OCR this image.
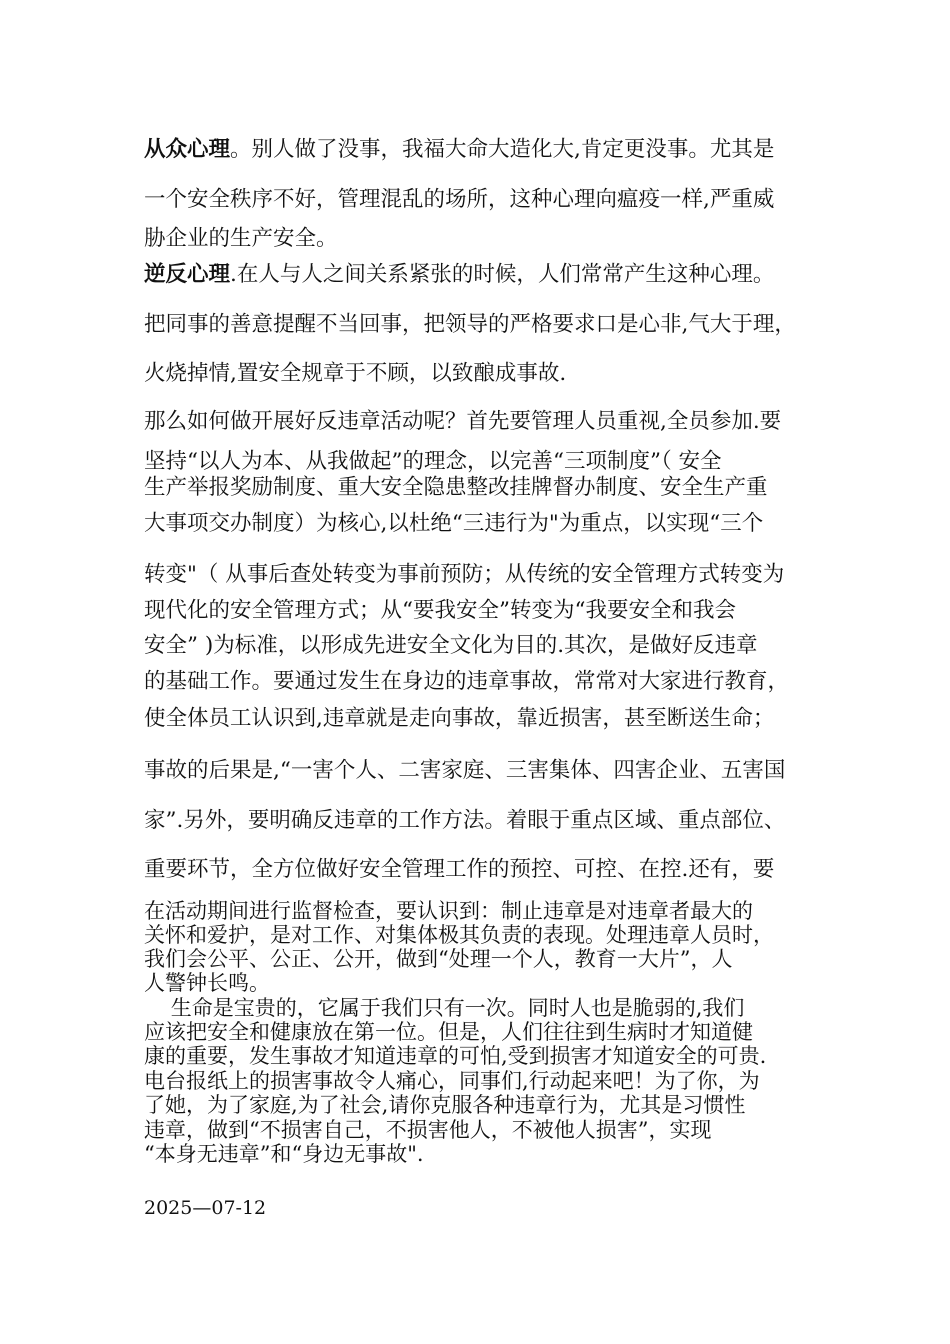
从众心理。别人做了没事，我福大命大造化大,肯定更没事。尤其是
一个安全秩序不好，管理混乱的场所，这种心理向瘟疫一样,严重威
胁企业的生产安全。
逆反心理.在人与人之间关系紧张的时候，人们常常产生这种心理。
把同事的善意提醒不当回事，把领导的严格要求口是心非,气大于理，
火烧掉情,置安全规章于不顾，以致酿成事故.
那么如何做开展好反违章活动呢？首先要管理人员重视,全员参加.要
坚持“以人为本、从我做起”的理念，以完善“三项制度”（ 安全
生产举报奖励制度、重大安全隐患整改挂牌督办制度、安全生产重
大事项交办制度）为核心,以杜绝“三违行为"为重点，以实现“三个
转变"（ 从事后查处转变为事前预防；从传统的安全管理方式转变为
现代化的安全管理方式；从“要我安全”转变为“我要安全和我会
安全” )为标准，以形成先进安全文化为目的.其次，是做好反违章
的基础工作。要通过发生在身边的违章事故，常常对大家进行教育，
使全体员工认识到,违章就是走向事故，靠近损害，甚至断送生命；
事故的后果是,“一害个人、二害家庭、三害集体、四害企业、五害国
家”.另外，要明确反违章的工作方法。着眼于重点区域、重点部位、
重要环节，全方位做好安全管理工作的预控、可控、在控.还有，要
在活动期间进行监督检查，要认识到：制止违章是对违章者最大的
关怀和爱护，是对工作、对集体极其负责的表现。处理违章人员时，
我们会公平、公正、公开，做到“处理一个人，教育一大片”，人
人警钟长鸣。
生命是宝贵的，它属于我们只有一次。同时人也是脆弱的,我们
应该把安全和健康放在第一位。但是，人们往往到生病时才知道健
康的重要，发生事故才知道违章的可怕,受到损害才知道安全的可贵.
电台报纸上的损害事故令人痛心，同事们,行动起来吧！为了你，为
了她，为了家庭,为了社会,请你克服各种违章行为，尤其是习惯性
违章，做到“不损害自己，不损害他人，不被他人损害”，实现
“本身无违章”和“身边无事故".
2025—07-12
